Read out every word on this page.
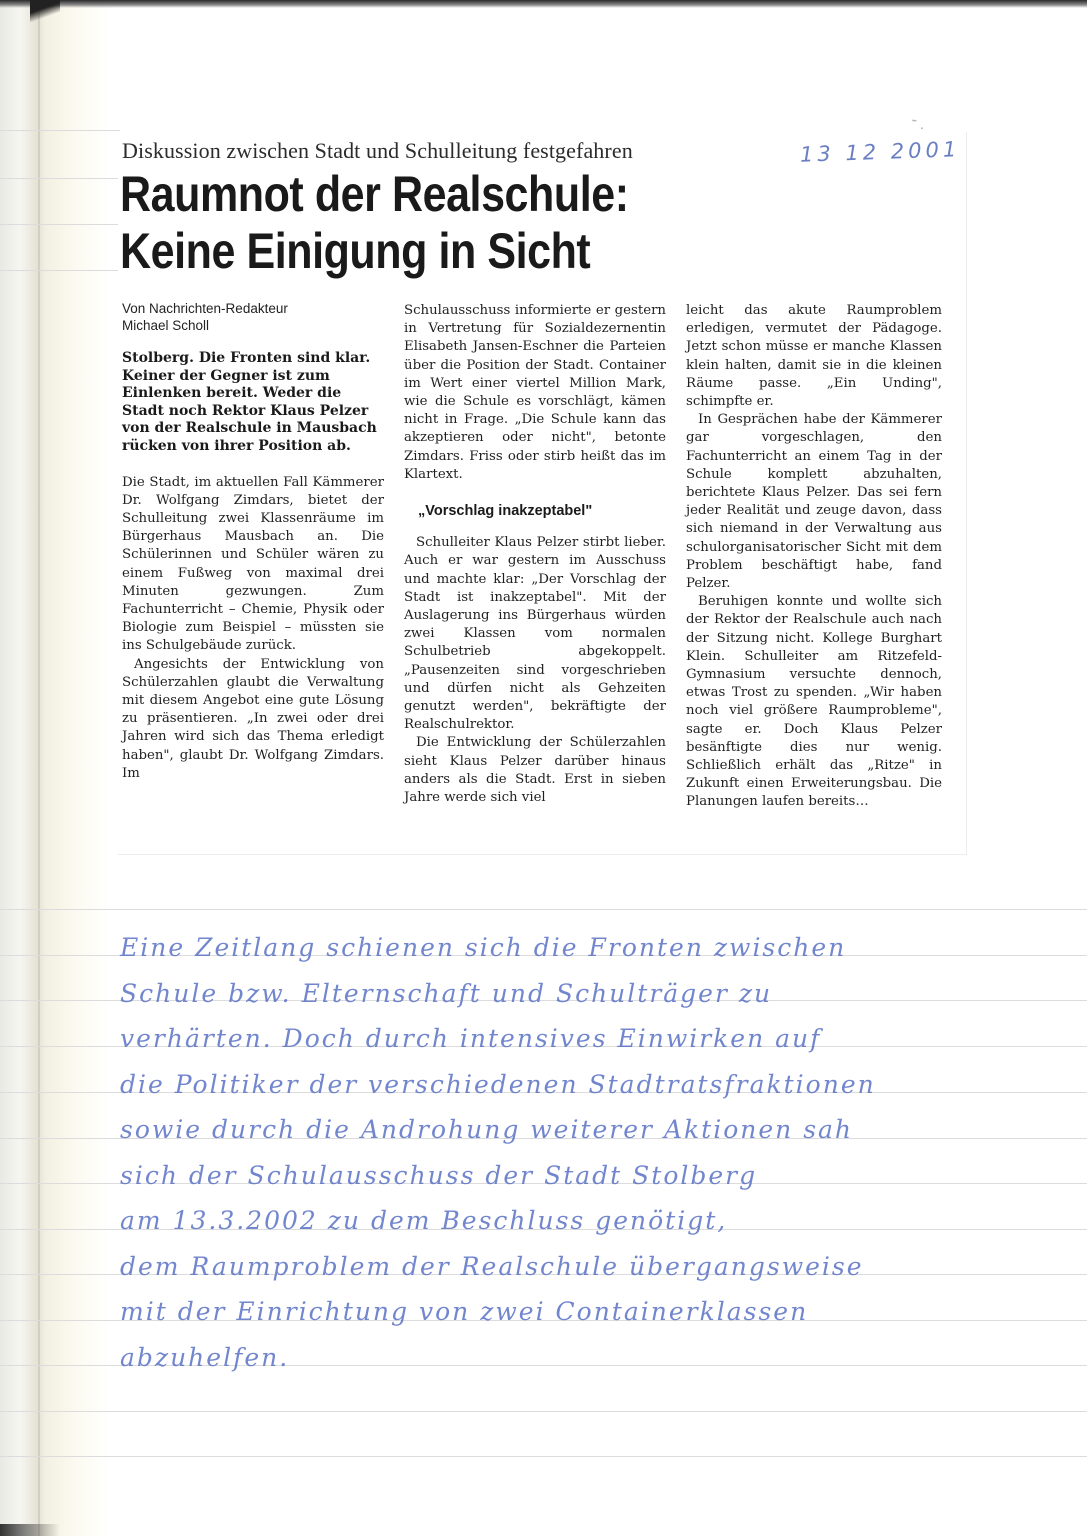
Diskussion zwischen Stadt und Schulleitung festgefahren
Raumnot der Realschule:
Keine Einigung in Sicht
Von Nachrichten-Redakteur
Michael Scholl
Stolberg. Die Fronten sind klar. Keiner der Gegner ist zum Einlenken bereit. Weder die Stadt noch Rektor Klaus Pelzer von der Realschule in Mausbach rücken von ihrer Position ab.

Die Stadt, im aktuellen Fall Kämmerer Dr. Wolfgang Zimdars, bietet der Schulleitung zwei Klassenräume im Bürgerhaus Mausbach an. Die Schülerinnen und Schüler wären zu einem Fußweg von maximal drei Minuten gezwungen. Zum Fachunterricht – Chemie, Physik oder Biologie zum Beispiel – müssten sie ins Schulgebäude zurück.

Angesichts der Entwicklung von Schülerzahlen glaubt die Verwaltung mit diesem Angebot eine gute Lösung zu präsentieren. „In zwei oder drei Jahren wird sich das Thema erledigt haben", glaubt Dr. Wolfgang Zimdars. Im

Schulausschuss informierte er gestern in Vertretung für Sozialdezernentin Elisabeth Jansen-Eschner die Parteien über die Position der Stadt. Container im Wert einer viertel Million Mark, wie die Schule es vorschlägt, kämen nicht in Frage. „Die Schule kann das akzeptieren oder nicht", betonte Zimdars. Friss oder stirb heißt das im Klartext.

„Vorschlag inakzeptabel"

Schulleiter Klaus Pelzer stirbt lieber. Auch er war gestern im Ausschuss und machte klar: „Der Vorschlag der Stadt ist inakzeptabel". Mit der Auslagerung ins Bürgerhaus würden zwei Klassen vom normalen Schulbetrieb abgekoppelt. „Pausenzeiten sind vorgeschrieben und dürfen nicht als Gehzeiten genutzt werden", bekräftigte der Realschulrektor.

Die Entwicklung der Schülerzahlen sieht Klaus Pelzer darüber hinaus anders als die Stadt. Erst in sieben Jahre werde sich viel

leicht das akute Raumproblem erledigen, vermutet der Pädagoge. Jetzt schon müsse er manche Klassen klein halten, damit sie in die kleinen Räume passe. „Ein Unding", schimpfte er.

In Gesprächen habe der Kämmerer gar vorgeschlagen, den Fachunterricht an einem Tag in der Schule komplett abzuhalten, berichtete Klaus Pelzer. Das sei fern jeder Realität und zeuge davon, dass sich niemand in der Verwaltung aus schulorganisatorischer Sicht mit dem Problem beschäftigt habe, fand Pelzer.

Beruhigen konnte und wollte sich der Rektor der Realschule auch nach der Sitzung nicht. Kollege Burghart Klein. Schulleiter am Ritzefeld-Gymnasium versuchte dennoch, etwas Trost zu spenden. „Wir haben noch viel größere Raumprobleme", sagte er. Doch Klaus Pelzer besänftigte dies nur wenig. Schließlich erhält das „Ritze" in Zukunft einen Erweiterungsbau. Die Planungen laufen bereits…

13 12 2001
˜ .
Eine Zeitlang schienen sich die Fronten zwischen
Schule bzw. Elternschaft und Schulträger zu
verhärten. Doch durch intensives Einwirken auf
die Politiker der verschiedenen Stadtratsfraktionen
sowie durch die Androhung weiterer Aktionen sah
sich der Schulausschuss der Stadt Stolberg
am 13.3.2002 zu dem Beschluss genötigt,
dem Raumproblem der Realschule übergangsweise
mit der Einrichtung von zwei Containerklassen
abzuhelfen.
